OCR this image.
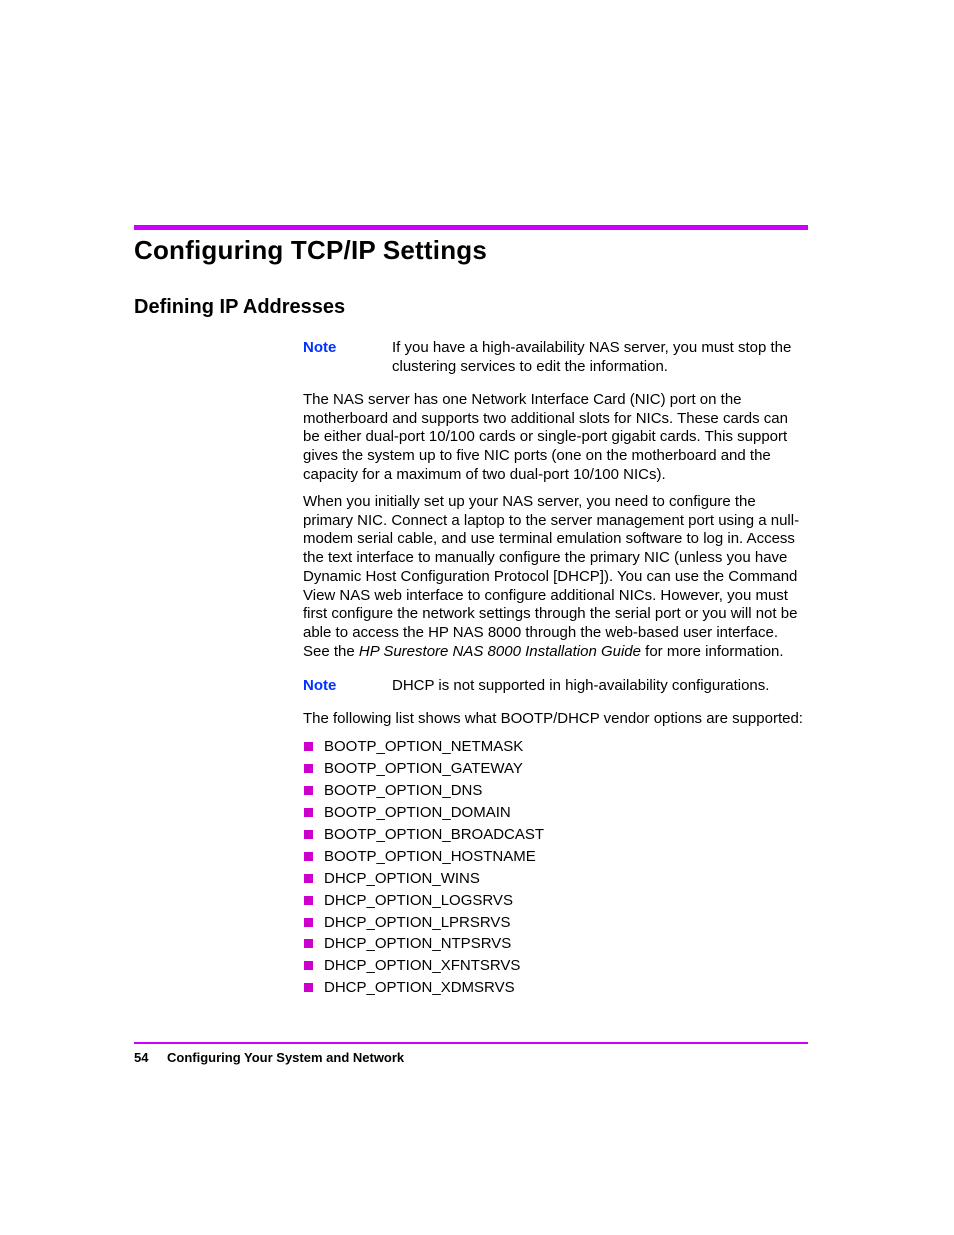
Configuring TCP/IP Settings
Defining IP Addresses
Note	If you have a high-availability NAS server, you must stop the clustering services to edit the information.

The NAS server has one Network Interface Card (NIC) port on the motherboard and supports two additional slots for NICs. These cards can be either dual-port 10/100 cards or single-port gigabit cards. This support gives the system up to five NIC ports (one on the motherboard and the capacity for a maximum of two dual-port 10/100 NICs).

When you initially set up your NAS server, you need to configure the primary NIC. Connect a laptop to the server management port using a null-modem serial cable, and use terminal emulation software to log in. Access the text interface to manually configure the primary NIC (unless you have Dynamic Host Configuration Protocol [DHCP]). You can use the Command View NAS web interface to configure additional NICs. However, you must first configure the network settings through the serial port or you will not be able to access the HP NAS 8000 through the web-based user interface. See the HP Surestore NAS 8000 Installation Guide for more information.

Note	DHCP is not supported in high-availability configurations.

The following list shows what BOOTP/DHCP vendor options are supported:

BOOTP_OPTION_NETMASK
BOOTP_OPTION_GATEWAY
BOOTP_OPTION_DNS
BOOTP_OPTION_DOMAIN
BOOTP_OPTION_BROADCAST
BOOTP_OPTION_HOSTNAME
DHCP_OPTION_WINS
DHCP_OPTION_LOGSRVS
DHCP_OPTION_LPRSRVS
DHCP_OPTION_NTPSRVS
DHCP_OPTION_XFNTSRVS
DHCP_OPTION_XDMSRVS
54 Configuring Your System and Network
